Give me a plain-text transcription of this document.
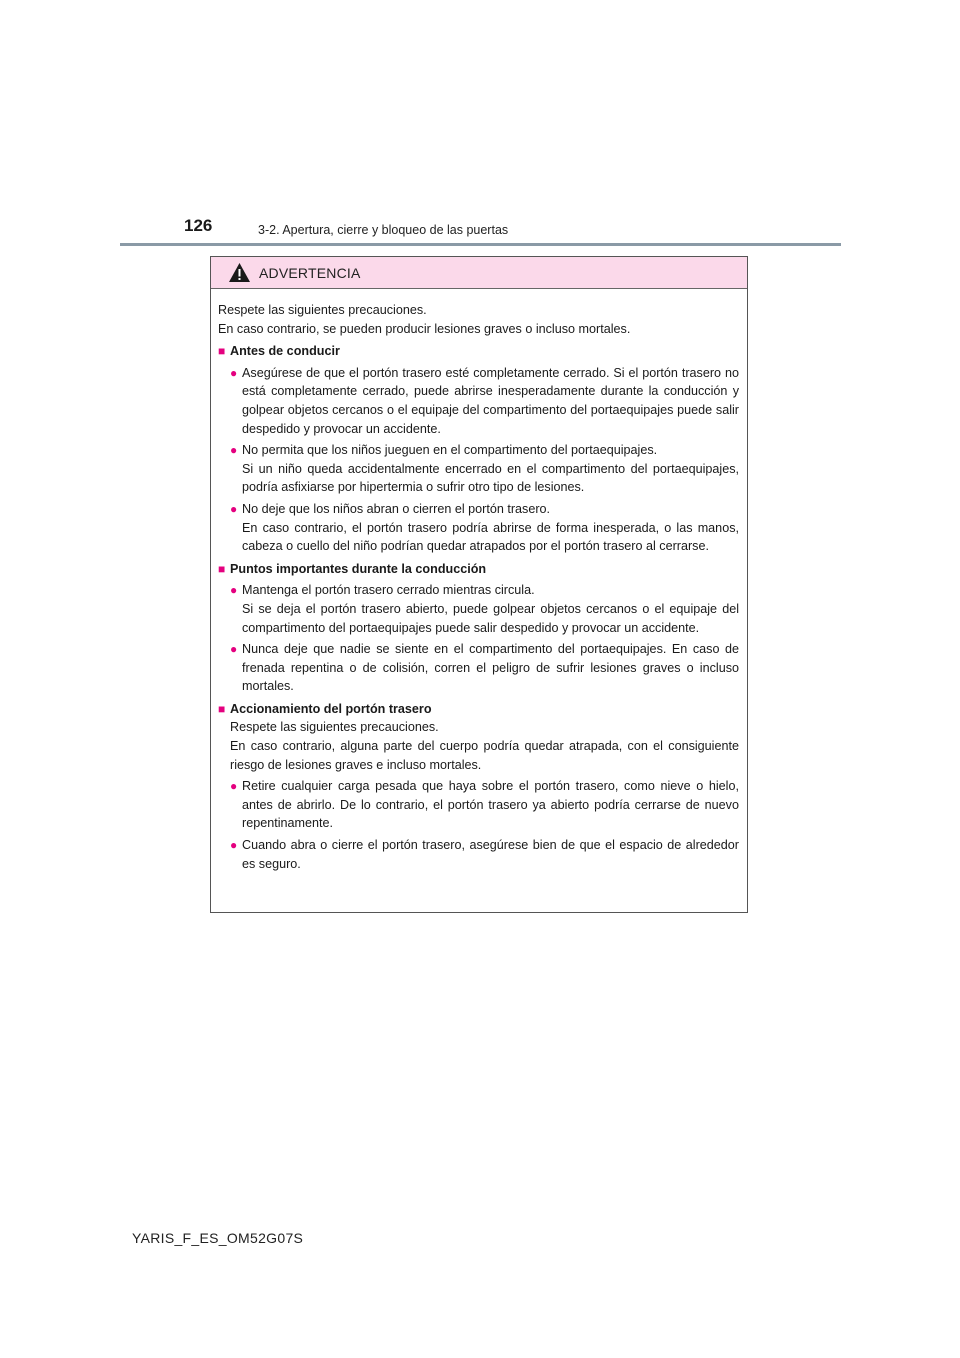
126	3-2. Apertura, cierre y bloqueo de las puertas
ADVERTENCIA

Respete las siguientes precauciones.

En caso contrario, se pueden producir lesiones graves o incluso mortales.

■ Antes de conducir
● Asegúrese de que el portón trasero esté completamente cerrado. Si el portón trasero no está completamente cerrado, puede abrirse inesperadamente durante la conducción y golpear objetos cercanos o el equipaje del compartimento del portaequipajes puede salir despedido y provocar un accidente.

● No permita que los niños jueguen en el compartimento del portaequipajes.

Si un niño queda accidentalmente encerrado en el compartimento del portaequipajes, podría asfixiarse por hipertermia o sufrir otro tipo de lesiones.

● No deje que los niños abran o cierren el portón trasero.

En caso contrario, el portón trasero podría abrirse de forma inesperada, o las manos, cabeza o cuello del niño podrían quedar atrapados por el portón trasero al cerrarse.

■ Puntos importantes durante la conducción
● Mantenga el portón trasero cerrado mientras circula.

Si se deja el portón trasero abierto, puede golpear objetos cercanos o el equipaje del compartimento del portaequipajes puede salir despedido y provocar un accidente.

● Nunca deje que nadie se siente en el compartimento del portaequipajes. En caso de frenada repentina o de colisión, corren el peligro de sufrir lesiones graves o incluso mortales.

■ Accionamiento del portón trasero

Respete las siguientes precauciones.

En caso contrario, alguna parte del cuerpo podría quedar atrapada, con el consiguiente riesgo de lesiones graves e incluso mortales.

● Retire cualquier carga pesada que haya sobre el portón trasero, como nieve o hielo, antes de abrirlo. De lo contrario, el portón trasero ya abierto podría cerrarse de nuevo repentinamente.

● Cuando abra o cierre el portón trasero, asegúrese bien de que el espacio de alrededor es seguro.

YARIS_F_ES_OM52G07S
